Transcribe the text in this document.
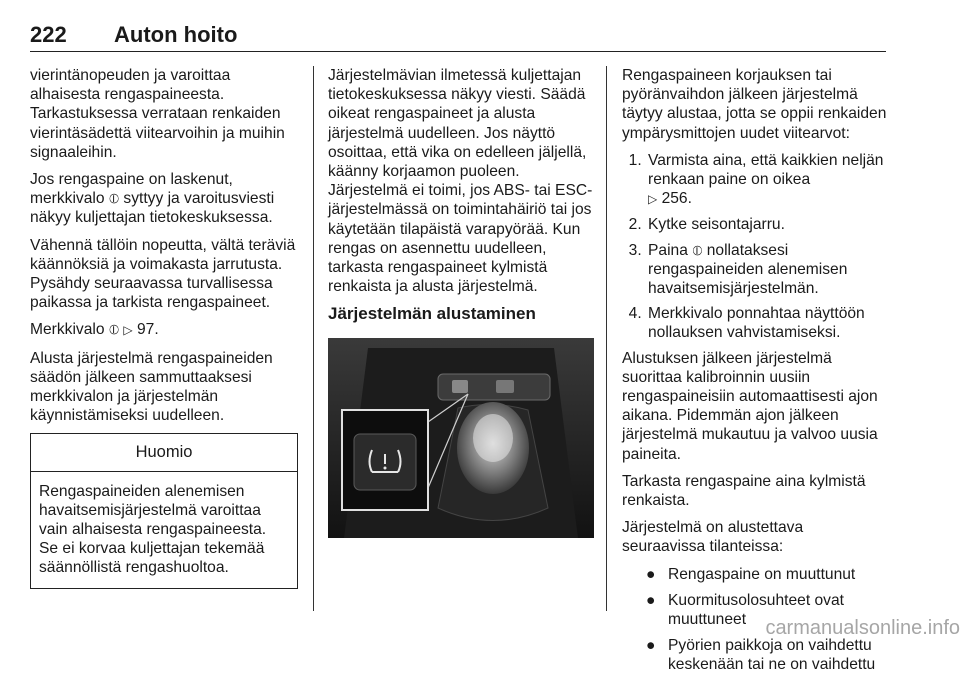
222 Auton hoito

vierintänopeuden ja varoittaa alhaisesta rengaspaineesta. Tarkastuksessa verrataan renkaiden vierintäsädettä viitearvoihin ja muihin signaaleihin.

Jos rengaspaine on laskenut, merkkivalo ⦶ syttyy ja varoitusviesti näkyy kuljettajan tietokeskuksessa.

Vähennä tällöin nopeutta, vältä teräviä käännöksiä ja voimakasta jarrutusta. Pysähdy seuraavassa turvallisessa paikassa ja tarkista rengaspaineet.

Merkkivalo ⦶ ▷ 97.

Alusta järjestelmä rengaspaineiden säädön jälkeen sammuttaaksesi merkkivalon ja järjestelmän käynnistämiseksi uudelleen.

Huomio
Rengaspaineiden alenemisen havaitsemisjärjestelmä varoittaa vain alhaisesta rengaspaineesta. Se ei korvaa kuljettajan tekemää säännöllistä rengashuoltoa.

Järjestelmävian ilmetessä kuljettajan tietokeskuksessa näkyy viesti. Säädä oikeat rengaspaineet ja alusta järjestelmä uudelleen. Jos näyttö osoittaa, että vika on edelleen jäljellä, käänny korjaamon puoleen. Järjestelmä ei toimi, jos ABS- tai ESC-järjestelmässä on toimintahäiriö tai jos käytetään tilapäistä varapyörää. Kun rengas on asennettu uudelleen, tarkasta rengaspaineet kylmistä renkaista ja alusta järjestelmä.

Järjestelmän alustaminen

Rengaspaineen korjauksen tai pyöränvaihdon jälkeen järjestelmä täytyy alustaa, jotta se oppii renkaiden ympärysmittojen uudet viitearvot:

1. Varmista aina, että kaikkien neljän renkaan paine on oikea
▷ 256.
2. Kytke seisontajarru.
3. Paina ⦶ nollataksesi rengaspaineiden alenemisen havaitsemisjärjestelmän.
4. Merkkivalo ponnahtaa näyttöön nollauksen vahvistamiseksi.

Alustuksen jälkeen järjestelmä suorittaa kalibroinnin uusiin rengaspaineisiin automaattisesti ajon aikana. Pidemmän ajon jälkeen järjestelmä mukautuu ja valvoo uusia paineita.

Tarkasta rengaspaine aina kylmistä renkaista.

Järjestelmä on alustettava seuraavissa tilanteissa:

● Rengaspaine on muuttunut
● Kuormitusolosuhteet ovat muuttuneet
● Pyörien paikkoja on vaihdettu keskenään tai ne on vaihdettu
carmanualsonline.info
